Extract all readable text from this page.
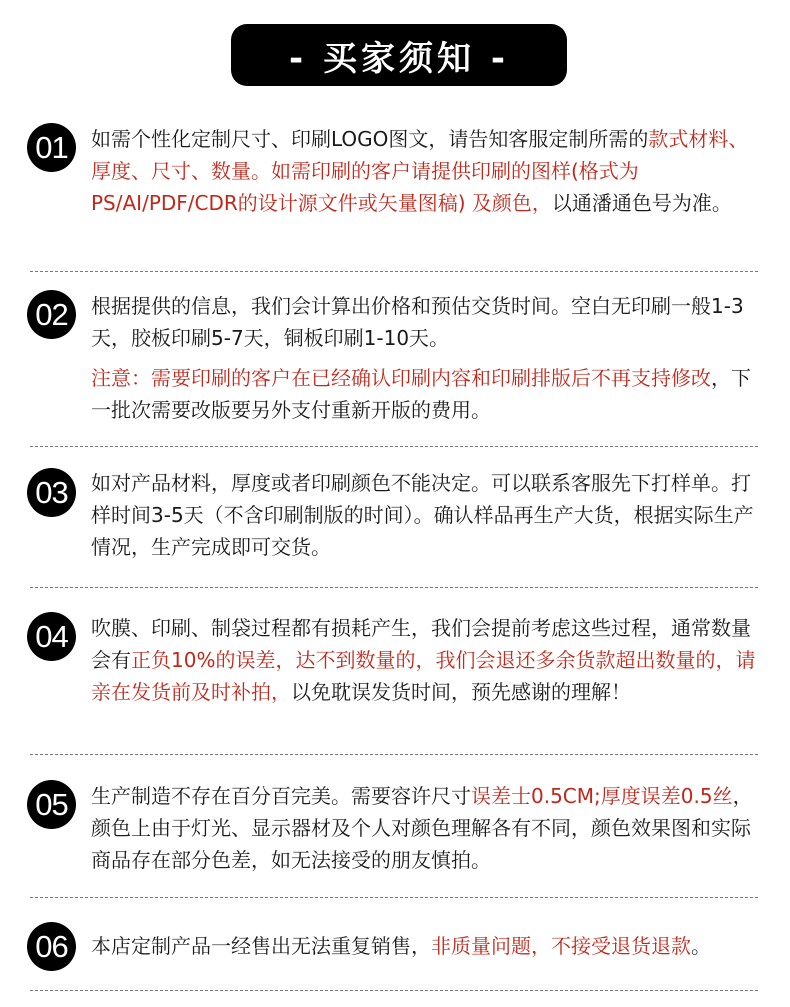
- 买家须知 -
01 如需个性化定制尺寸、印刷LOGO图文，请告知客服定制所需的款式材料、厚度、尺寸、数量。如需印刷的客户请提供印刷的图样(格式为PS/AI/PDF/CDR的设计源文件或矢量图稿) 及颜色，以通潘通色号为准。

02 根据提供的信息，我们会计算出价格和预估交货时间。空白无印刷一般1-3天，胶板印刷5-7天，铜板印刷1-10天。

注意：需要印刷的客户在已经确认印刷内容和印刷排版后不再支持修改，下一批次需要改版要另外支付重新开版的费用。

03 如对产品材料，厚度或者印刷颜色不能决定。可以联系客服先下打样单。打样时间3-5天（不含印刷制版的时间）。确认样品再生产大货，根据实际生产情况，生产完成即可交货。

04 吹膜、印刷、制袋过程都有损耗产生，我们会提前考虑这些过程，通常数量会有正负10%的误差，达不到数量的，我们会退还多余货款超出数量的，请亲在发货前及时补拍，以免耽误发货时间，预先感谢的理解！

05 生产制造不存在百分百完美。需要容许尺寸误差士0.5CM;厚度误差0.5丝，颜色上由于灯光、显示器材及个人对颜色理解各有不同，颜色效果图和实际商品存在部分色差，如无法接受的朋友慎拍。

06 本店定制产品一经售出无法重复销售，非质量问题，不接受退货退款。
